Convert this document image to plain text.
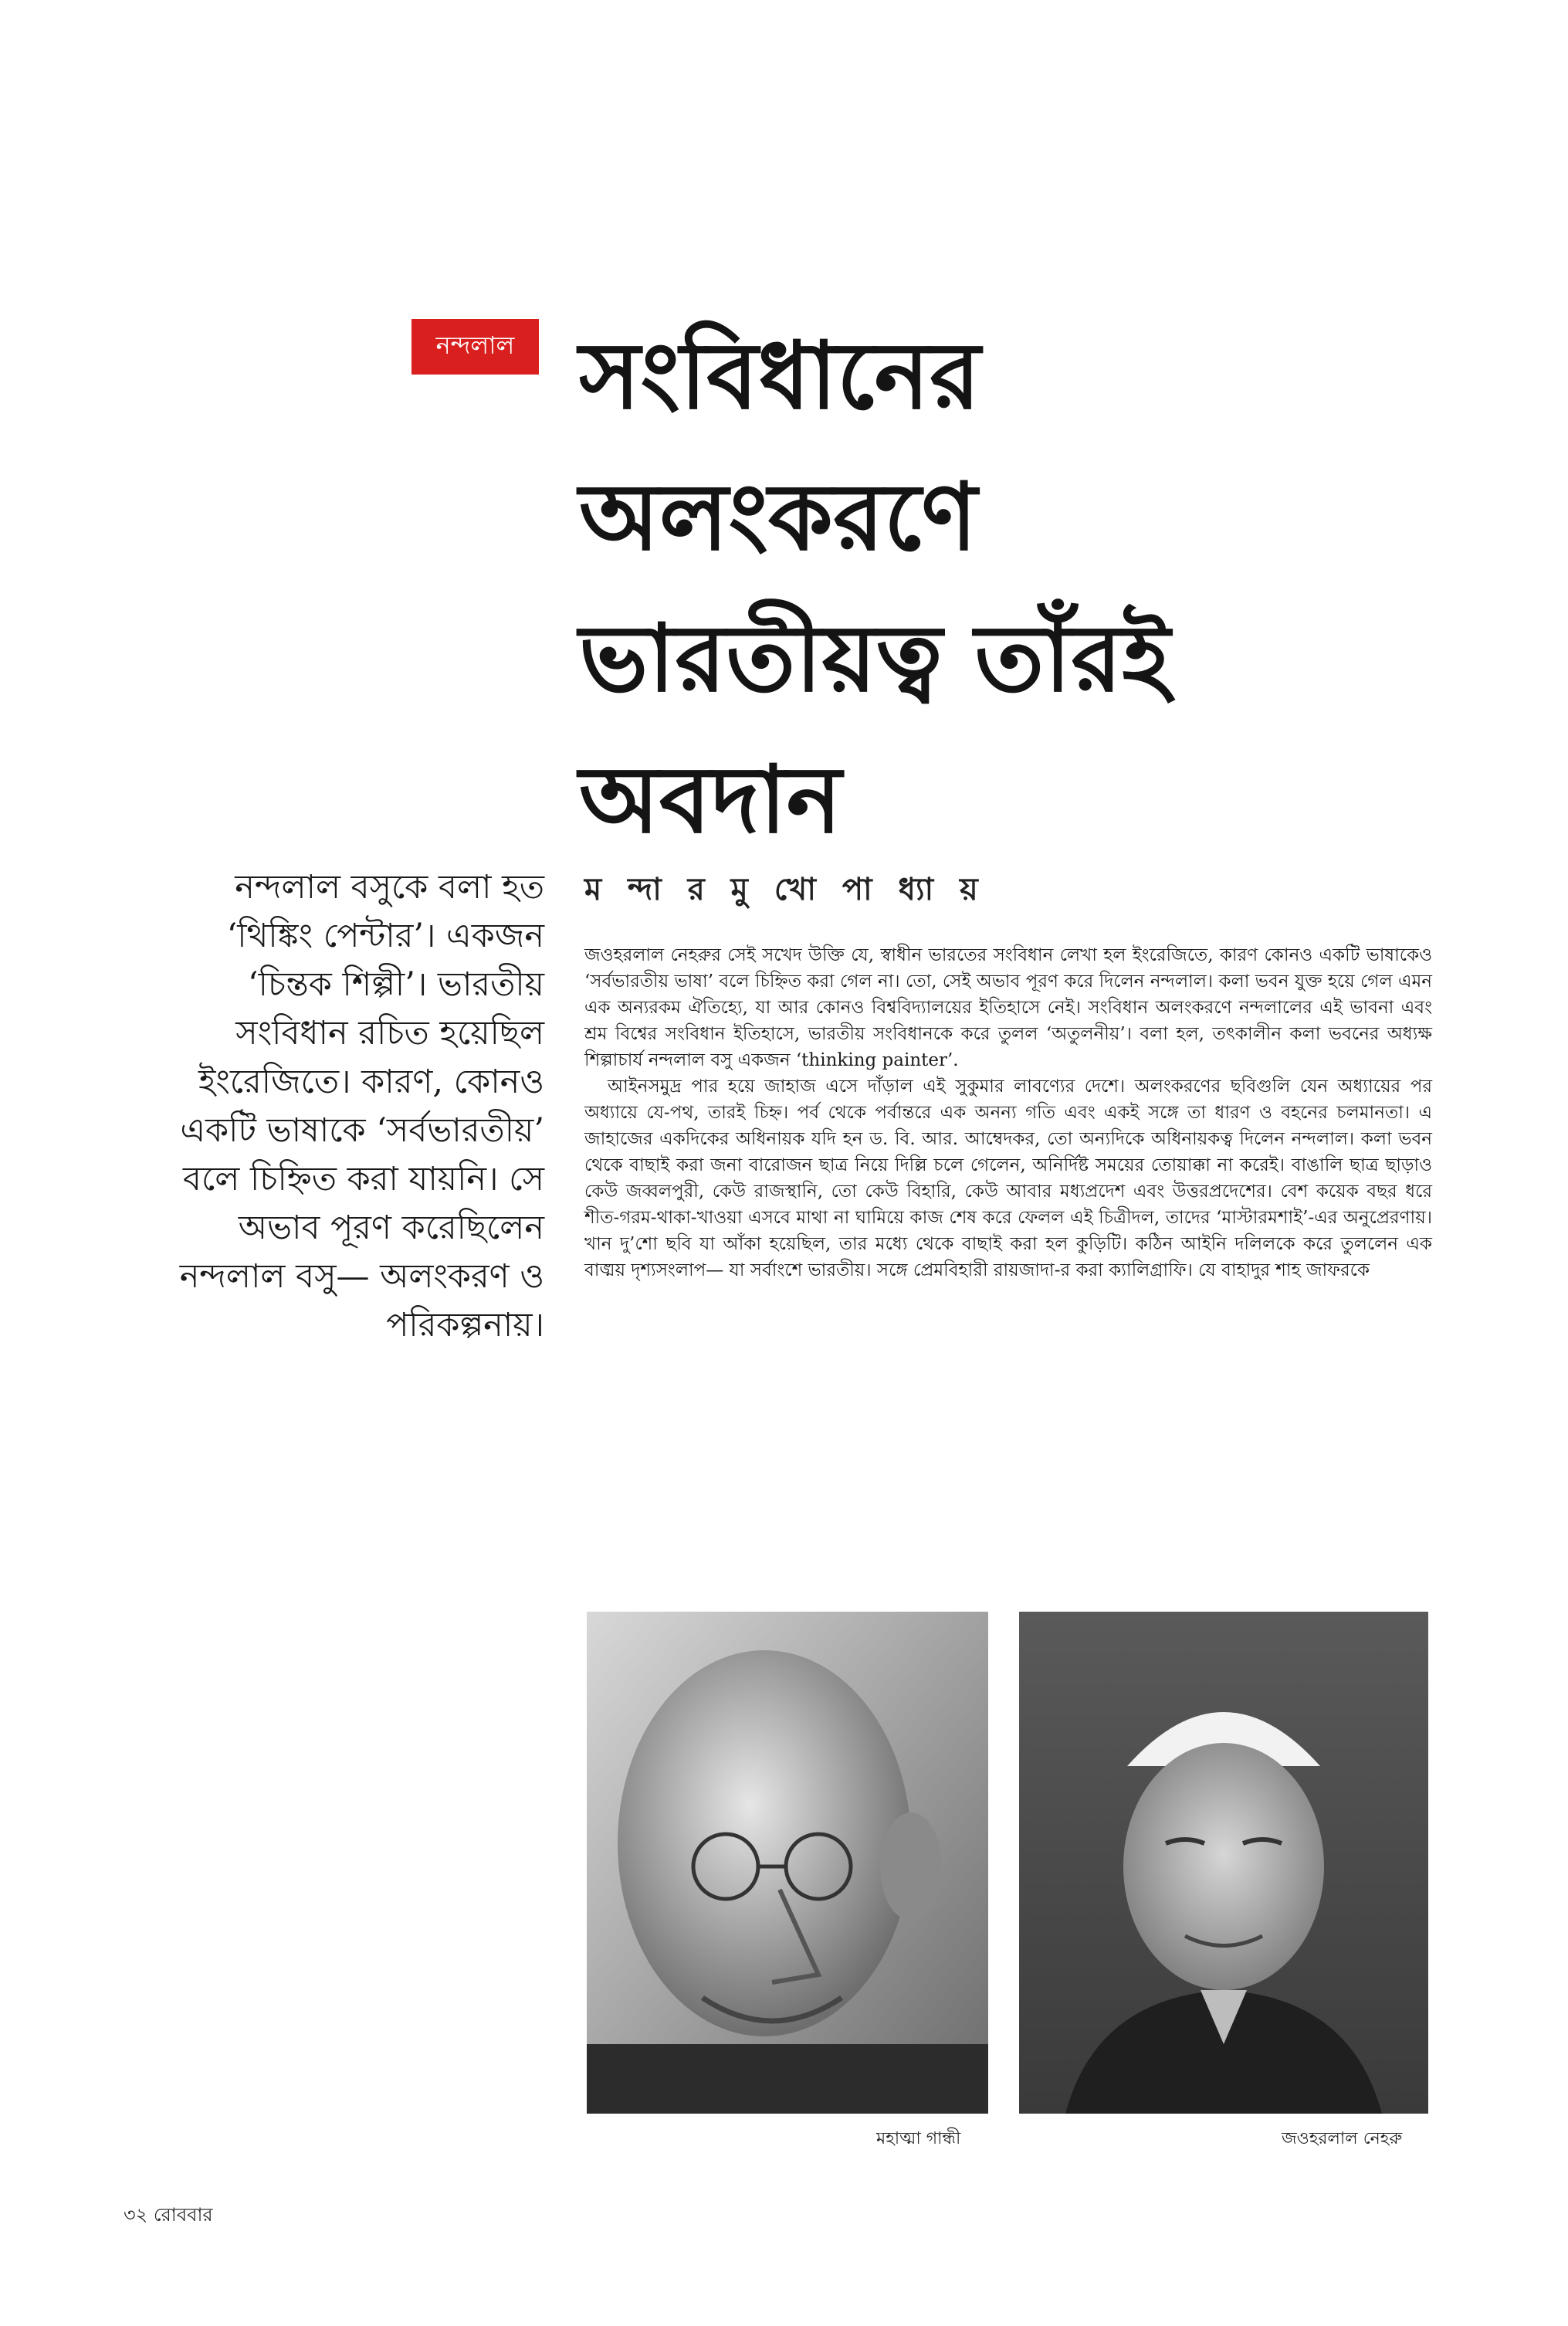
নন্দলাল সংবিধানের
অলংকরণে
ভারতীয়ত্ব তাঁরই
অবদান
ম ন্দা র মু খো পা ধ্যা য়

নন্দলাল বসুকে বলা হত ‘থিঙ্কিং পেন্টার’। একজন ‘চিন্তক শিল্পী’। ভারতীয় সংবিধান রচিত হয়েছিল ইংরেজিতে। কারণ, কোনও একটি ভাষাকে ‘সর্বভারতীয়’ বলে চিহ্নিত করা যায়নি। সে অভাব পূরণ করেছিলেন নন্দলাল বসু— অলংকরণ ও পরিকল্পনায়।

জওহরলাল নেহরুর সেই সখেদ উক্তি যে, স্বাধীন ভারতের সংবিধান লেখা হল ইংরেজিতে, কারণ কোনও একটি ভাষাকেও ‘সর্বভারতীয় ভাষা’ বলে চিহ্নিত করা গেল না। তো, সেই অভাব পূরণ করে দিলেন নন্দলাল। কলা ভবন যুক্ত হয়ে গেল এমন এক অন্যরকম ঐতিহ্যে, যা আর কোনও বিশ্ববিদ্যালয়ের ইতিহাসে নেই। সংবিধান অলংকরণে নন্দলালের এই ভাবনা এবং শ্রম বিশ্বের সংবিধান ইতিহাসে, ভারতীয় সংবিধানকে করে তুলল ‘অতুলনীয়’। বলা হল, তৎকালীন কলা ভবনের অধ্যক্ষ শিল্পাচার্য নন্দলাল বসু একজন ‘thinking painter’.

আইনসমুদ্র পার হয়ে জাহাজ এসে দাঁড়াল এই সুকুমার লাবণ্যের দেশে। অলংকরণের ছবিগুলি যেন অধ্যায়ের পর অধ্যায়ে যে-পথ, তারই চিহ্ন। পর্ব থেকে পর্বান্তরে এক অনন্য গতি এবং একই সঙ্গে তা ধারণ ও বহনের চলমানতা। এ জাহাজের একদিকের অধিনায়ক যদি হন ড. বি. আর. আম্বেদকর, তো অন্যদিকে অধিনায়কত্ব দিলেন নন্দলাল। কলা ভবন থেকে বাছাই করা জনা বারোজন ছাত্র নিয়ে দিল্লি চলে গেলেন, অনির্দিষ্ট সময়ের তোয়াক্কা না করেই। বাঙালি ছাত্র ছাড়াও কেউ জব্বলপুরী, কেউ রাজস্থানি, তো কেউ বিহারি, কেউ আবার মধ্যপ্রদেশ এবং উত্তরপ্রদেশের। বেশ কয়েক বছর ধরে শীত-গরম-থাকা-খাওয়া এসবে মাথা না ঘামিয়ে কাজ শেষ করে ফেলল এই চিত্রীদল, তাদের ‘মাস্টারমশাই’-এর অনুপ্রেরণায়। খান দু’শো ছবি যা আঁকা হয়েছিল, তার মধ্যে থেকে বাছাই করা হল কুড়িটি। কঠিন আইনি দলিলকে করে তুললেন এক বাঙ্ময় দৃশ্যসংলাপ— যা সর্বাংশে ভারতীয়। সঙ্গে প্রেমবিহারী রায়জাদা-র করা ক্যালিগ্রাফি। যে বাহাদুর শাহ জাফরকে

মহাত্মা গান্ধী	জওহরলাল নেহরু
৩২ রোববার
